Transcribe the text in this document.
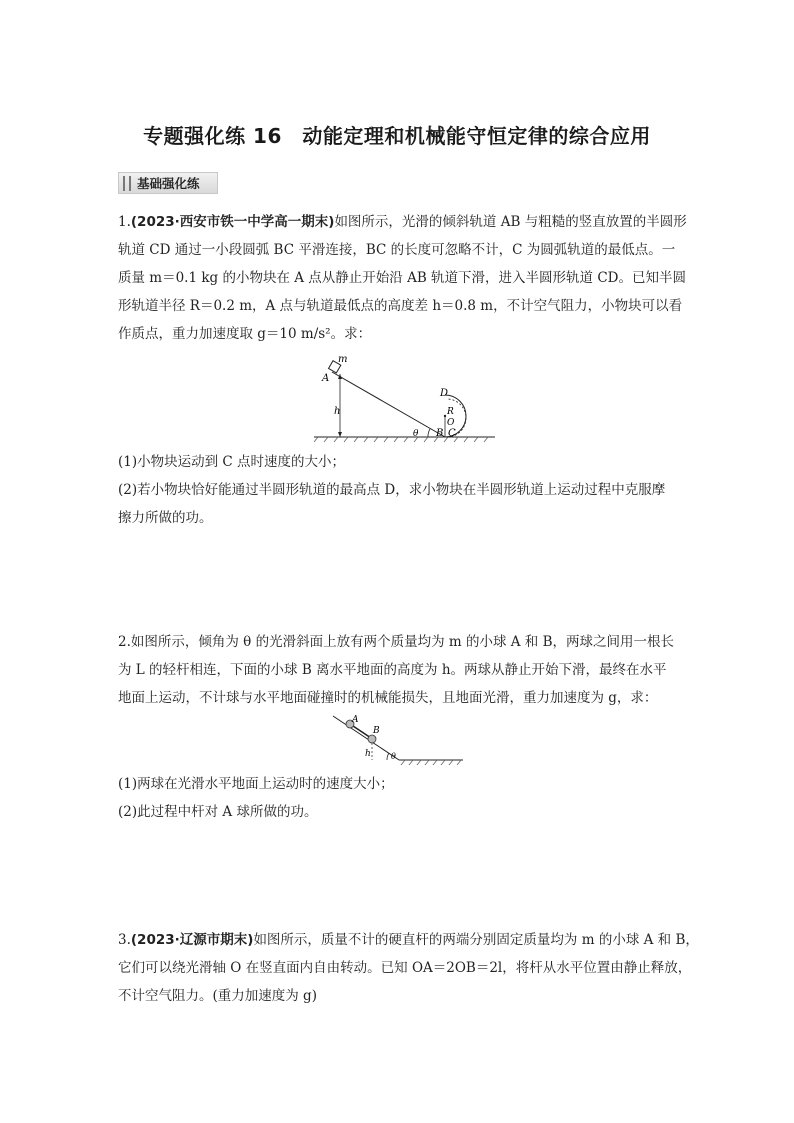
专题强化练 16　动能定理和机械能守恒定律的综合应用
基础强化练
1.(2023·西安市铁一中学高一期末)如图所示，光滑的倾斜轨道 AB 与粗糙的竖直放置的半圆形
轨道 CD 通过一小段圆弧 BC 平滑连接，BC 的长度可忽略不计，C 为圆弧轨道的最低点。一
质量 m＝0.1 kg 的小物块在 A 点从静止开始沿 AB 轨道下滑，进入半圆形轨道 CD。已知半圆
形轨道半径 R＝0.2 m，A 点与轨道最低点的高度差 h＝0.8 m，不计空气阻力，小物块可以看
作质点，重力加速度取 g＝10 m/s²。求：
m
A
h
θ B C
D
R
O
(1)小物块运动到 C 点时速度的大小；
(2)若小物块恰好能通过半圆形轨道的最高点 D，求小物块在半圆形轨道上运动过程中克服摩
擦力所做的功。
2.如图所示，倾角为 θ 的光滑斜面上放有两个质量均为 m 的小球 A 和 B，两球之间用一根长
为 L 的轻杆相连，下面的小球 B 离水平地面的高度为 h。两球从静止开始下滑，最终在水平
地面上运动，不计球与水平地面碰撞时的机械能损失，且地面光滑，重力加速度为 g，求：
A
B
h	θ
(1)两球在光滑水平地面上运动时的速度大小；
(2)此过程中杆对 A 球所做的功。
3.(2023·辽源市期末)如图所示，质量不计的硬直杆的两端分别固定质量均为 m 的小球 A 和 B，
它们可以绕光滑轴 O 在竖直面内自由转动。已知 OA＝2OB＝2l，将杆从水平位置由静止释放，
不计空气阻力。(重力加速度为 g)
